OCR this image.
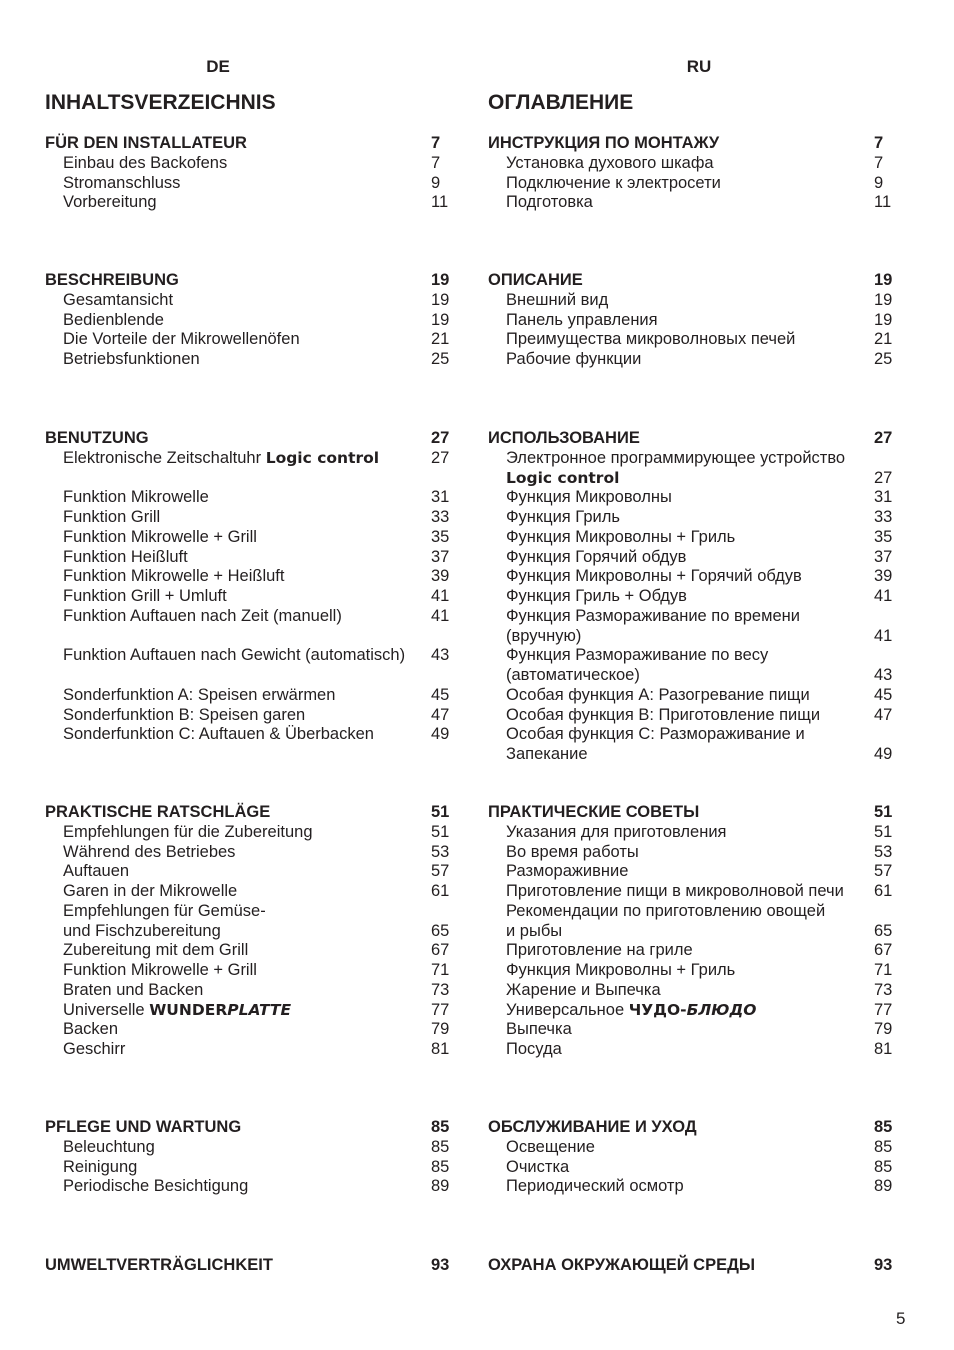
DE
INHALTSVERZEICHNIS
FÜR DEN INSTALLATEUR	7
Einbau des Backofens	7
Stromanschluss	9
Vorbereitung	11
BESCHREIBUNG	19
Gesamtansicht	19
Bedienblende	19
Die Vorteile der Mikrowellenöfen	21
Betriebsfunktionen	25
BENUTZUNG	27
Elektronische Zeitschaltuhr Logic control	27
Funktion Mikrowelle	31
Funktion Grill	33
Funktion Mikrowelle + Grill	35
Funktion Heißluft	37
Funktion Mikrowelle + Heißluft	39
Funktion Grill + Umluft	41
Funktion Auftauen nach Zeit (manuell)	41
Funktion Auftauen nach Gewicht (automatisch) 43
Sonderfunktion A: Speisen erwärmen	45
Sonderfunktion B: Speisen garen	47
Sonderfunktion C: Auftauen & Überbacken	49
PRAKTISCHE RATSCHLÄGE	51
Empfehlungen für die Zubereitung	51
Während des Betriebes	53
Auftauen	57
Garen in der Mikrowelle	61
Empfehlungen für Gemüse-
und Fischzubereitung	65
Zubereitung mit dem Grill	67
Funktion Mikrowelle + Grill	71
Braten und Backen	73
Universelle WUNDERPLATTE	77
Backen	79
Geschirr	81
PFLEGE UND WARTUNG	85
Beleuchtung	85
Reinigung	85
Periodische Besichtigung	89
UMWELTVERTRÄGLICHKEIT	93
RU
ОГЛАВЛЕНИЕ
ИНСТРУКЦИЯ ПО МОНТАЖУ	7
Установка духового шкафа	7
Подключение к электросети	9
Подготовка	11
ОПИСАНИЕ	19
Внешний вид	19
Панель управления	19
Преимущества микроволновых печей	21
Рабочие функции	25
ИСПОЛЬЗОВАНИЕ	27
Электронное программирующее устройство
Logic control	27
Функция Микроволны	31
Функция Гриль	33
Функция Микроволны + Гриль	35
Функция Горячий обдув	37
Функция Микроволны + Горячий обдув	39
Функция Гриль + Обдув	41
Функция Размораживание по времени
(вручную)	41
Функция Размораживание по весу
(автоматическое)	43
Особая функция А: Разогревание пищи	45
Особая функция В: Приготовление пищи	47
Особая функция С: Размораживание и
Запекание	49
ПРАКТИЧЕСКИЕ СОВЕТЫ	51
Указания для приготовления	51
Во время работы	53
Размораживние	57
Приготовление пищи в микроволновой печи 61
Рекомендации по приготовлению овощей
и рыбы	65
Приготовление на гриле	67
Функция Микроволны + Гриль	71
Жарение и Выпечка	73
Универсальное ЧУДО-БЛЮДО	77
Выпечка	79
Посуда	81
ОБСЛУЖИВАНИЕ И УХОД	85
Освещение	85
Очистка	85
Периодический осмотр	89
ОХРАНА ОКРУЖАЮЩЕЙ СРЕДЫ	93
5
